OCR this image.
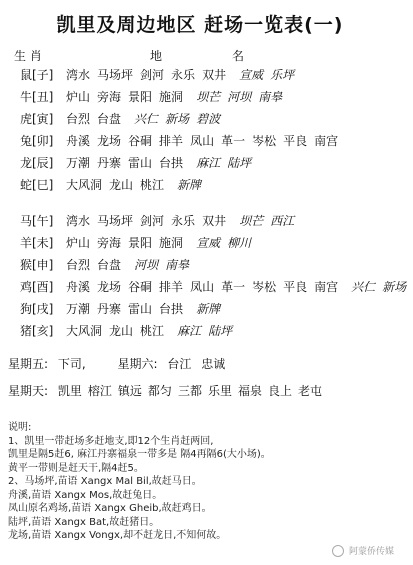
凯里及周边地区 赶场一览表(一)
生 肖	地	名
鼠[子] 湾水 马场坪 剑河 永乐 双井 宣威 乐坪
牛[丑] 炉山 旁海 景阳 施洞 坝芒 河坝 南皋
虎[寅] 台烈 台盘 兴仁 新场 碧波
兔[卯] 舟溪 龙场 谷硐 排羊 凤山 革一 岑松 平良 南宫
龙[辰] 万潮 丹寨 雷山 台拱 麻江 陆坪
蛇[巳] 大风洞 龙山 桃江 新牌
马[午] 湾水 马场坪 剑河 永乐 双井 坝芒 西江
羊[未] 炉山 旁海 景阳 施洞 宣威 柳川
猴[申] 台烈 台盘 河坝 南皋
鸡[酉] 舟溪 龙场 谷硐 排羊 凤山 革一 岑松 平良 南宫 兴仁 新场
狗[戌] 万潮 丹寨 雷山 台拱 新牌
猪[亥] 大风洞 龙山 桃江 麻江 陆坪
星期五: 下司,	星期六: 台江 忠诚
星期天: 凯里 榕江 镇远 都匀 三都 乐里 福泉 良上 老屯
说明:
1、凯里一带赶场多赶地支,即12个生肖赶两回,
凯里是隔5赶6, 麻江丹寨福泉一带多是 隔4再隔6(大小场)。
黄平一带则是赶天干,隔4赶5。
2、马场坪,苗语 Xangx Mal Bil,故赶马日。
舟溪,苗语 Xangx Mos,故赶兔日。
凤山原名鸡场,苗语 Xangx Gheib,故赶鸡日。
陆坪,苗语 Xangx Bat,故赶猪日。
龙场,苗语 Xangx Vongx,却不赶龙日,不知何故。
阿蒙侨传媒
